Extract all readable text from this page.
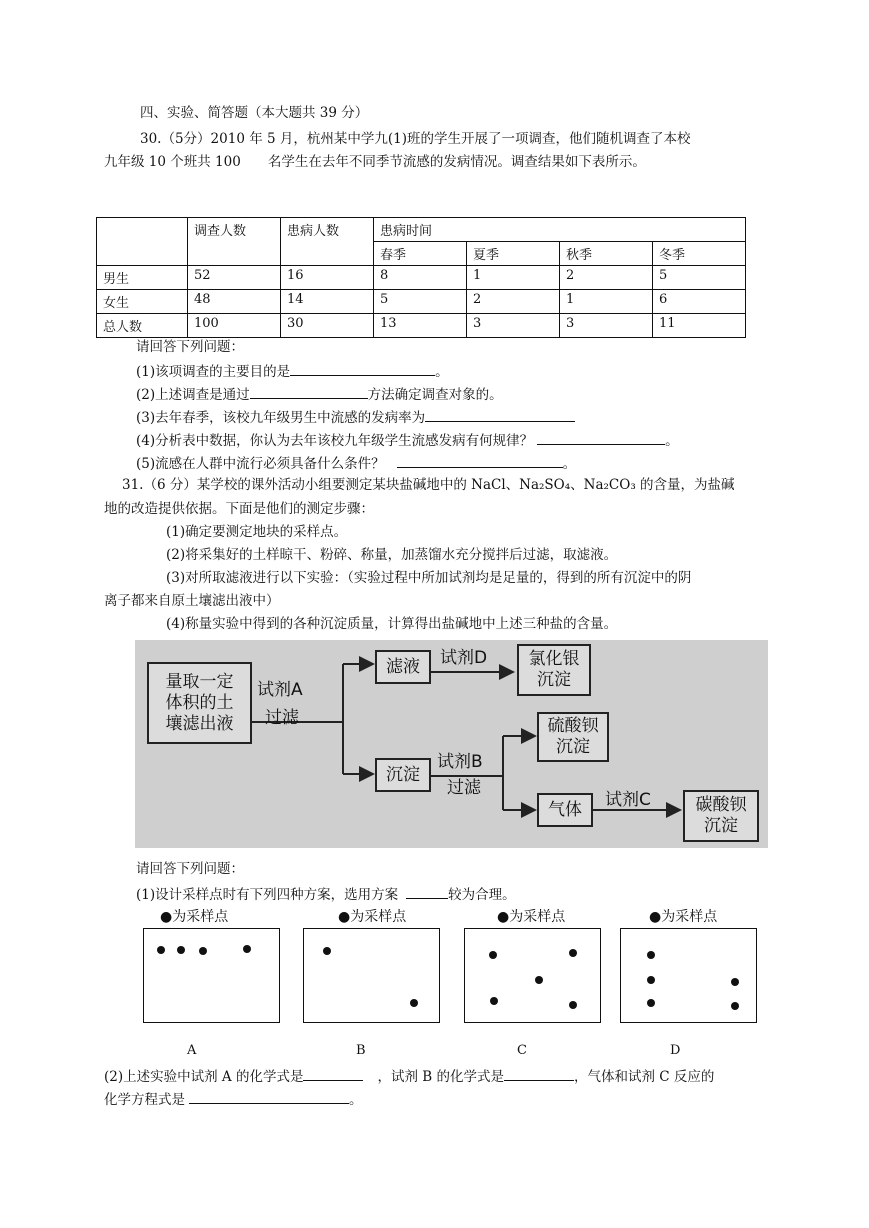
四、实验、简答题（本大题共 39 分）
30.（5分）2010 年 5 月，杭州某中学九(1)班的学生开展了一项调查，他们随机调查了本校
九年级 10 个班共 100　　名学生在去年不同季节流感的发病情况。调查结果如下表所示。
	调查人数	患病人数	患病时间			
			春季	夏季	秋季	冬季
男生	52	16	8	1	2	5
女生	48	14	5	2	1	6
总人数	100	30	13	3	3	11
请回答下列问题：
(1)该项调查的主要目的是	。
(2)上述调查是通过	方法确定调查对象的。
(3)去年春季，该校九年级男生中流感的发病率为
(4)分析表中数据，你认为去年该校九年级学生流感发病有何规律？	。
(5)流感在人群中流行必须具备什么条件？	。
31.（6 分）某学校的课外活动小组要测定某块盐碱地中的 NaCl、Na₂SO₄、Na₂CO₃ 的含量，为盐碱
地的改造提供依据。下面是他们的测定步骤：
(1)确定要测定地块的采样点。
(2)将采集好的土样晾干、粉碎、称量，加蒸馏水充分搅拌后过滤，取滤液。
(3)对所取滤液进行以下实验：（实验过程中所加试剂均是足量的，得到的所有沉淀中的阴
离子都来自原土壤滤出液中）
(4)称量实验中得到的各种沉淀质量，计算得出盐碱地中上述三种盐的含量。
量取一定
体积的土
壤滤出液
试剂A
过滤
滤液	试剂D 氯化银
沉淀
沉淀
试剂B
过滤
硫酸钡
沉淀
气体	试剂C	碳酸钡
沉淀
请回答下列问题：
(1)设计采样点时有下列四种方案，选用方案	较为合理。
●为采样点	●为采样点	●为采样点	●为采样点
A	B	C	D
(2)上述实验中试剂 A 的化学式是	，试剂 B 的化学式是	，气体和试剂 C 反应的
化学方程式是	。
